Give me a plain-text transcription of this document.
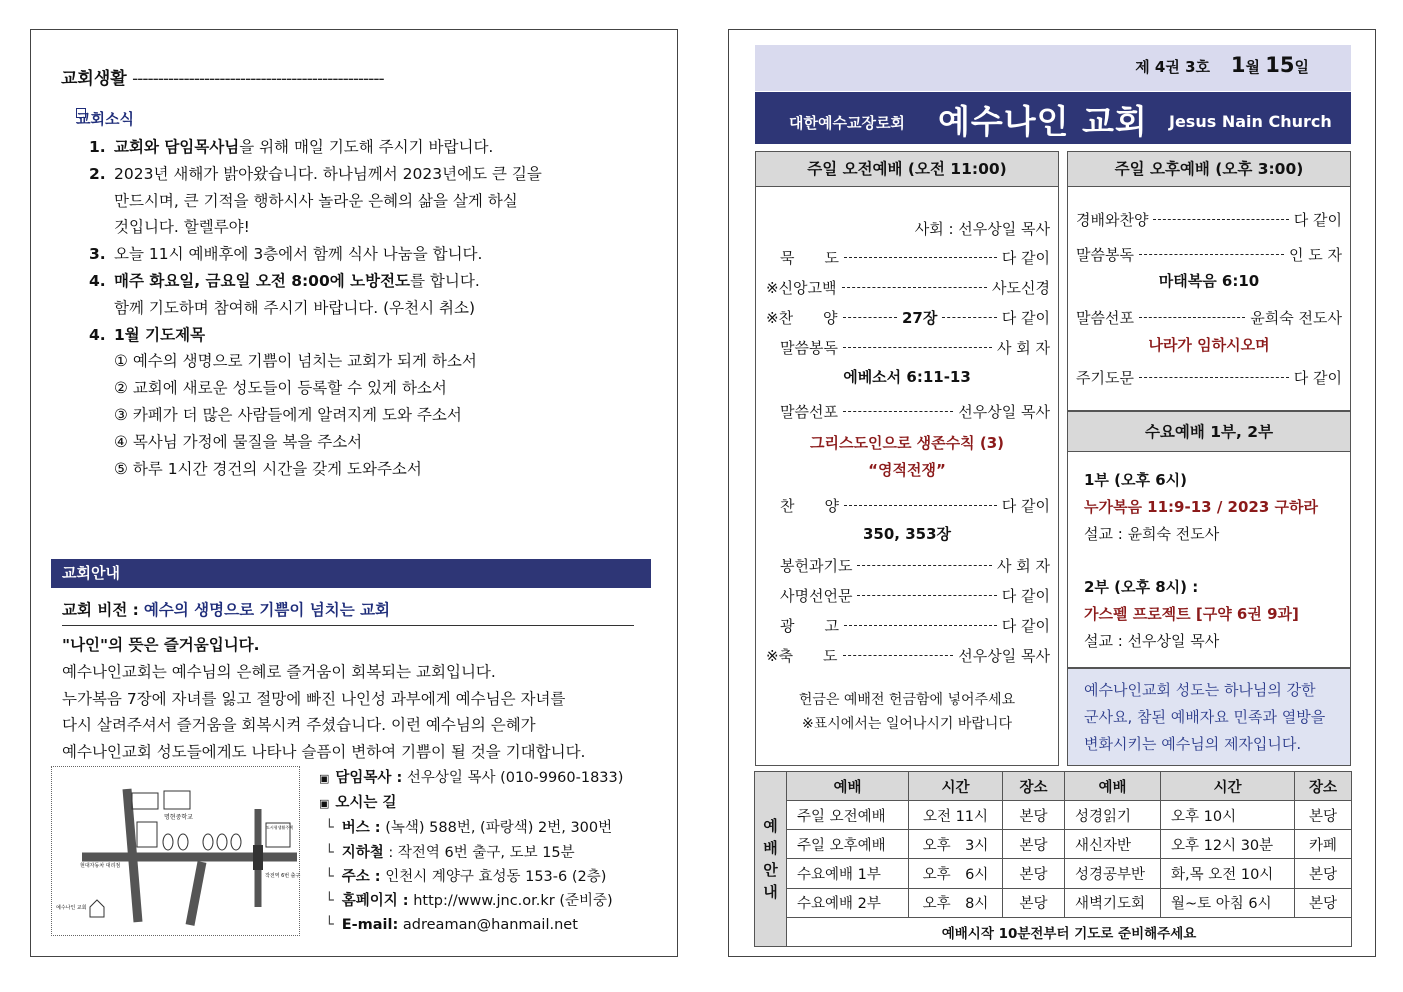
교회생활 -------------------------------------------------
교회소식
1. 교회와 담임목사님을 위해 매일 기도해 주시기 바랍니다.
2. 2023년 새해가 밝아왔습니다. 하나님께서 2023년에도 큰 길을
만드시며, 큰 기적을 행하시사 놀라운 은혜의 삶을 살게 하실
것입니다. 할렐루야!
3. 오늘 11시 예배후에 3층에서 함께 식사 나눔을 합니다.
4. 매주 화요일, 금요일 오전 8:00에 노방전도를 합니다.
함께 기도하며 참여해 주시기 바랍니다. (우천시 취소)
4. 1월 기도제목
① 예수의 생명으로 기쁨이 넘치는 교회가 되게 하소서
② 교회에 새로운 성도들이 등록할 수 있게 하소서
③ 카페가 더 많은 사람들에게 알려지게 도와 주소서
④ 목사님 가정에 물질을 복을 주소서
⑤ 하루 1시간 경건의 시간을 갖게 도와주소서
교회안내
교회 비전 : 예수의 생명으로 기쁨이 넘치는 교회
"나인"의 뜻은 즐거움입니다.
예수나인교회는 예수님의 은혜로 즐거움이 회복되는 교회입니다.
누가복음 7장에 자녀를 잃고 절망에 빠진 나인성 과부에게 예수님은 자녀를
다시 살려주셔서 즐거움을 회복시켜 주셨습니다. 이런 예수님의 은혜가
예수나인교회 성도들에게도 나타나 슬픔이 변하여 기쁨이 될 것을 기대합니다.
명현중학교
현대자동차 대리점
작전역 6번 출구
예수나인 교회
도시형생활주택
▣ 담임목사 : 선우상일 목사 (010-9960-1833)
▣ 오시는 길
└ 버스 : (녹색) 588번, (파랑색) 2번, 300번
└ 지하철 : 작전역 6번 출구, 도보 15분
└ 주소 : 인천시 계양구 효성동 153-6 (2층)
└ 홈페이지 : http://www.jnc.or.kr (준비중)
└ E-mail: adreaman@hanmail.net
제 4권 3호 1월 15일
대한예수교장로회 예수나인 교회 Jesus Nain Church
주일 오전예배 (오전 11:00)
사회 : 선우상일 목사
묵　　도	다 같이
※신앙고백	사도신경
※찬　　양	27장	다 같이
말씀봉독	사 회 자
에베소서 6:11-13
말씀선포	선우상일 목사
그리스도인으로 생존수칙 (3)
“영적전쟁”
찬　　양	다 같이
350, 353장
봉헌과기도	사 회 자
사명선언문	다 같이
광　　고	다 같이
※축　　도	선우상일 목사
헌금은 예배전 헌금함에 넣어주세요
※표시에서는 일어나시기 바랍니다
주일 오후예배 (오후 3:00)
경배와찬양	다 같이
말씀봉독	인 도 자
마태복음 6:10
말씀선포	윤희숙 전도사
나라가 임하시오며
주기도문	다 같이
수요예배 1부, 2부
1부 (오후 6시)
누가복음 11:9-13 / 2023 구하라
설교 : 윤희숙 전도사
2부 (오후 8시) :
가스펠 프로젝트 [구약 6권 9과]
설교 : 선우상일 목사
예수나인교회 성도는 하나님의 강한
군사요, 참된 예배자요 민족과 열방을
변화시키는 예수님의 제자입니다.
예
배
안
내	예배	시간	장소	예배	시간	장소
	주일 오전예배	오전 11시	본당	성경읽기	오후 10시	본당
	주일 오후예배	오후　3시	본당	새신자반	오후 12시 30분	카페
	수요예배 1부	오후　6시	본당	성경공부반	화,목 오전 10시	본당
	수요예배 2부	오후　8시	본당	새벽기도회	월~토 아침 6시	본당
	예배시작 10분전부터 기도로 준비해주세요					
